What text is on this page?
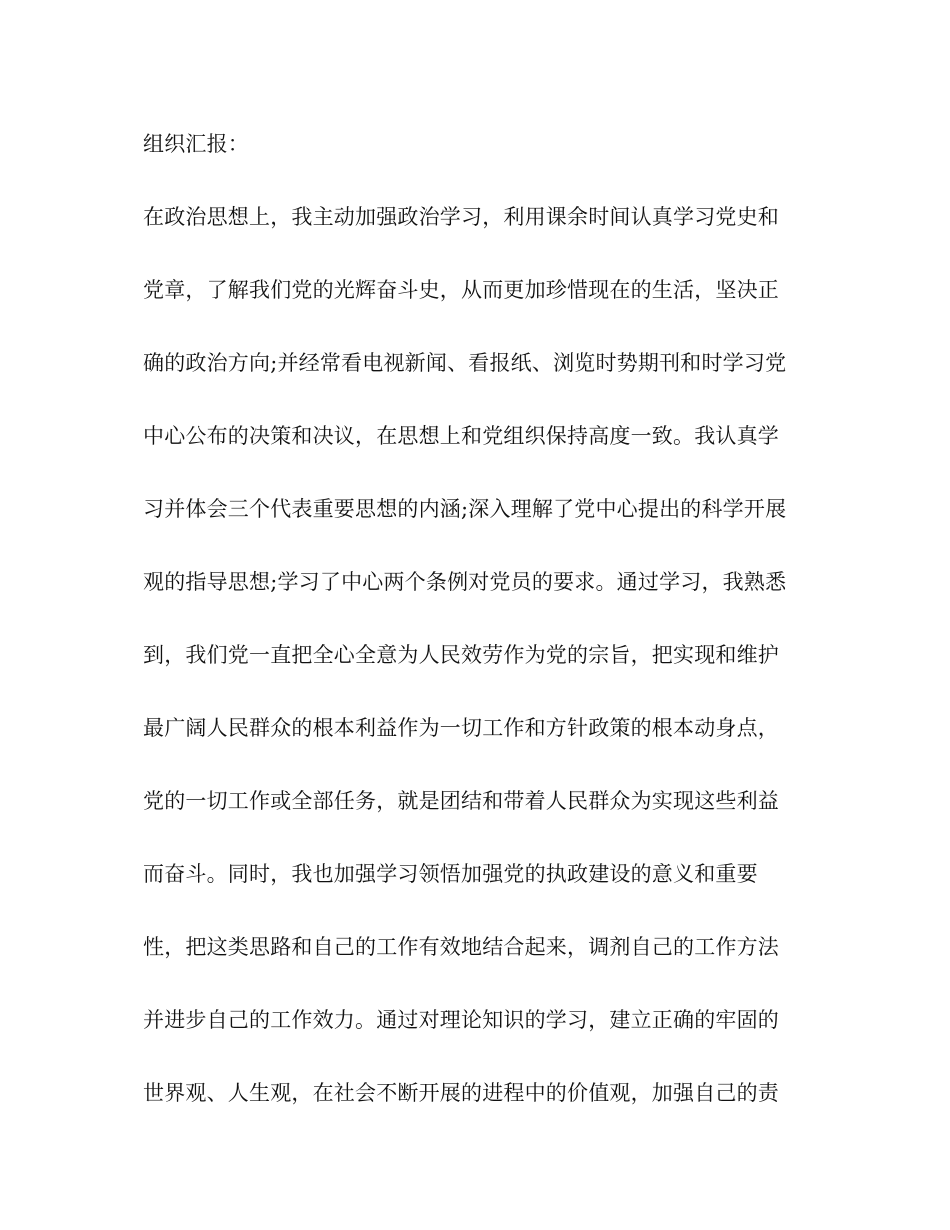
组织汇报：
在政治思想上，我主动加强政治学习，利用课余时间认真学习党史和
党章，了解我们党的光辉奋斗史，从而更加珍惜现在的生活，坚决正
确的政治方向;并经常看电视新闻、看报纸、浏览时势期刊和时学习党
中心公布的决策和决议，在思想上和党组织保持高度一致。我认真学
习并体会三个代表重要思想的内涵;深入理解了党中心提出的科学开展
观的指导思想;学习了中心两个条例对党员的要求。通过学习，我熟悉
到，我们党一直把全心全意为人民效劳作为党的宗旨，把实现和维护
最广阔人民群众的根本利益作为一切工作和方针政策的根本动身点，
党的一切工作或全部任务，就是团结和带着人民群众为实现这些利益
而奋斗。同时，我也加强学习领悟加强党的执政建设的意义和重要
性，把这类思路和自己的工作有效地结合起来，调剂自己的工作方法
并进步自己的工作效力。通过对理论知识的学习，建立正确的牢固的
世界观、人生观，在社会不断开展的进程中的价值观，加强自己的责
